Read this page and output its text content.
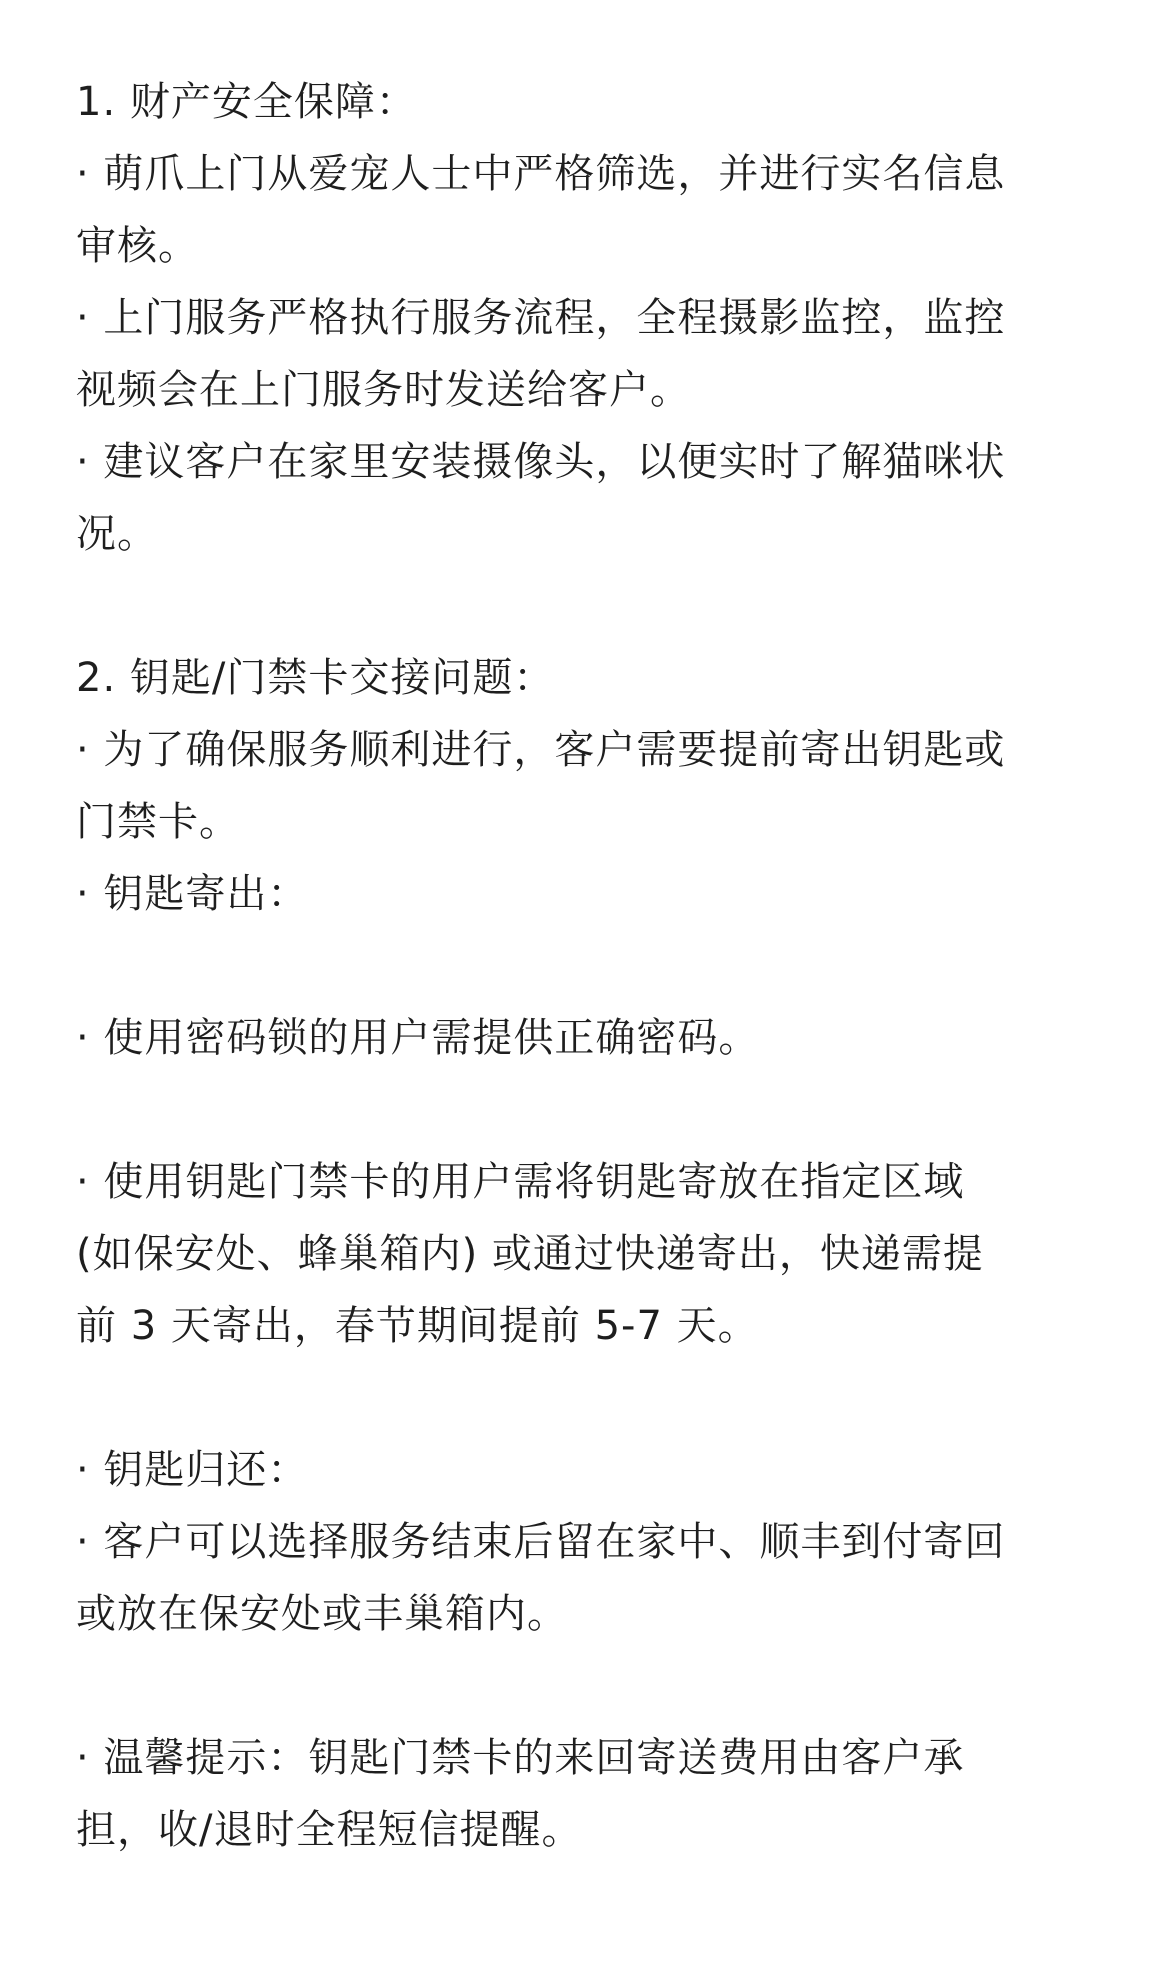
1. 财产安全保障：
· 萌爪上门从爱宠人士中严格筛选，并进行实名信息
审核。
· 上门服务严格执行服务流程，全程摄影监控，监控
视频会在上门服务时发送给客户。
· 建议客户在家里安装摄像头，以便实时了解猫咪状
况。
2. 钥匙/门禁卡交接问题：
· 为了确保服务顺利进行，客户需要提前寄出钥匙或
门禁卡。
· 钥匙寄出：
· 使用密码锁的用户需提供正确密码。
· 使用钥匙门禁卡的用户需将钥匙寄放在指定区域
(如保安处、蜂巢箱内) 或通过快递寄出，快递需提
前 3 天寄出，春节期间提前 5-7 天。
· 钥匙归还：
· 客户可以选择服务结束后留在家中、顺丰到付寄回
或放在保安处或丰巢箱内。
· 温馨提示：钥匙门禁卡的来回寄送费用由客户承
担，收/退时全程短信提醒。
